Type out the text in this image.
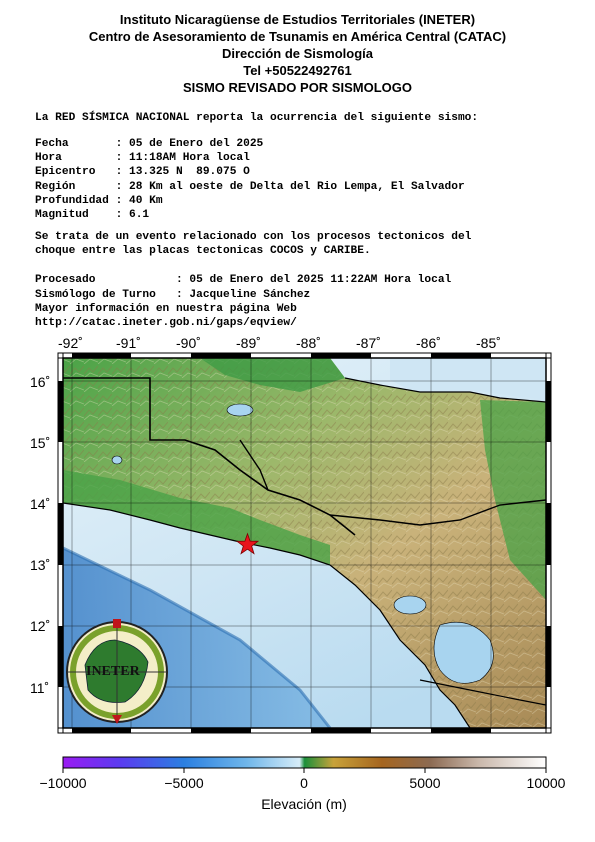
Instituto Nicaragüense de Estudios Territoriales (INETER)
Centro de Asesoramiento de Tsunamis en América Central (CATAC)
Dirección de Sismología
Tel +50522492761
SISMO REVISADO POR SISMOLOGO
La RED SÍSMICA NACIONAL reporta la ocurrencia del siguiente sismo:
Fecha       : 05 de Enero del 2025
Hora        : 11:18AM Hora local
Epicentro   : 13.325 N  89.075 O
Región      : 28 Km al oeste de Delta del Rio Lempa, El Salvador
Profundidad : 40 Km
Magnitud    : 6.1
Se trata de un evento relacionado con los procesos tectonicos del
choque entre las placas tectonicas COCOS y CARIBE.
Procesado            : 05 de Enero del 2025 11:22AM Hora local
Sismólogo de Turno   : Jacqueline Sánchez
Mayor información en nuestra página Web
http://catac.ineter.gob.ni/gaps/eqview/
-92˚ -91˚	-90˚	-89˚	-88˚	-87˚	-86˚	-85˚
16˚
15˚
14˚
13˚
12˚
11˚
INETER
−10000	−5000	0	5000	10000
Elevación (m)
